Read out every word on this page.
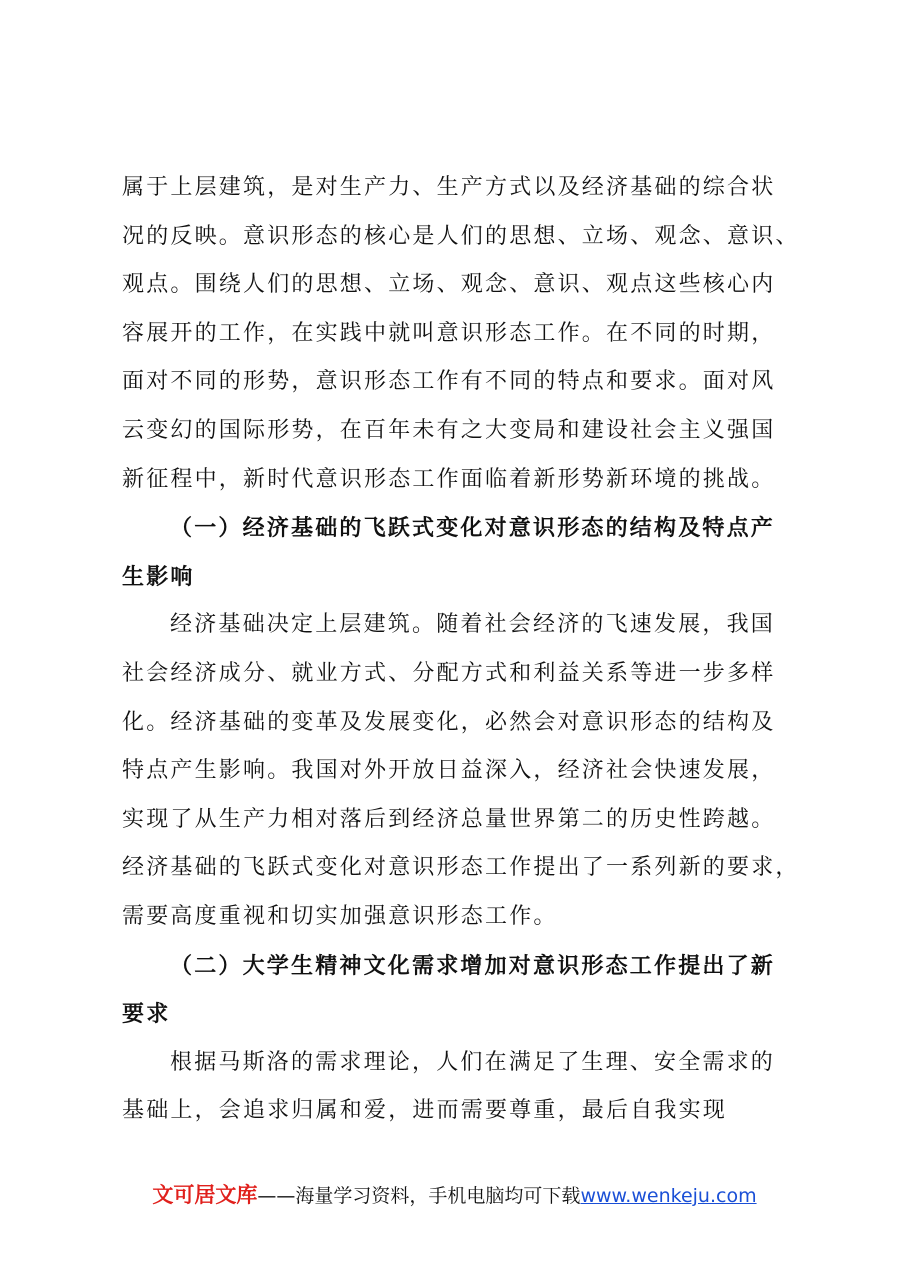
属于上层建筑，是对生产力、生产方式以及经济基础的综合状
况的反映。意识形态的核心是人们的思想、立场、观念、意识、
观点。围绕人们的思想、立场、观念、意识、观点这些核心内
容展开的工作，在实践中就叫意识形态工作。在不同的时期，
面对不同的形势，意识形态工作有不同的特点和要求。面对风
云变幻的国际形势，在百年未有之大变局和建设社会主义强国
新征程中，新时代意识形态工作面临着新形势新环境的挑战。
（一）经济基础的飞跃式变化对意识形态的结构及特点产
生影响
经济基础决定上层建筑。随着社会经济的飞速发展，我国
社会经济成分、就业方式、分配方式和利益关系等进一步多样
化。经济基础的变革及发展变化，必然会对意识形态的结构及
特点产生影响。我国对外开放日益深入，经济社会快速发展，
实现了从生产力相对落后到经济总量世界第二的历史性跨越。
经济基础的飞跃式变化对意识形态工作提出了一系列新的要求，
需要高度重视和切实加强意识形态工作。
（二）大学生精神文化需求增加对意识形态工作提出了新
要求
根据马斯洛的需求理论，人们在满足了生理、安全需求的
基础上，会追求归属和爱，进而需要尊重，最后自我实现
文可居文库——海量学习资料，手机电脑均可下载www.wenkeju.com
